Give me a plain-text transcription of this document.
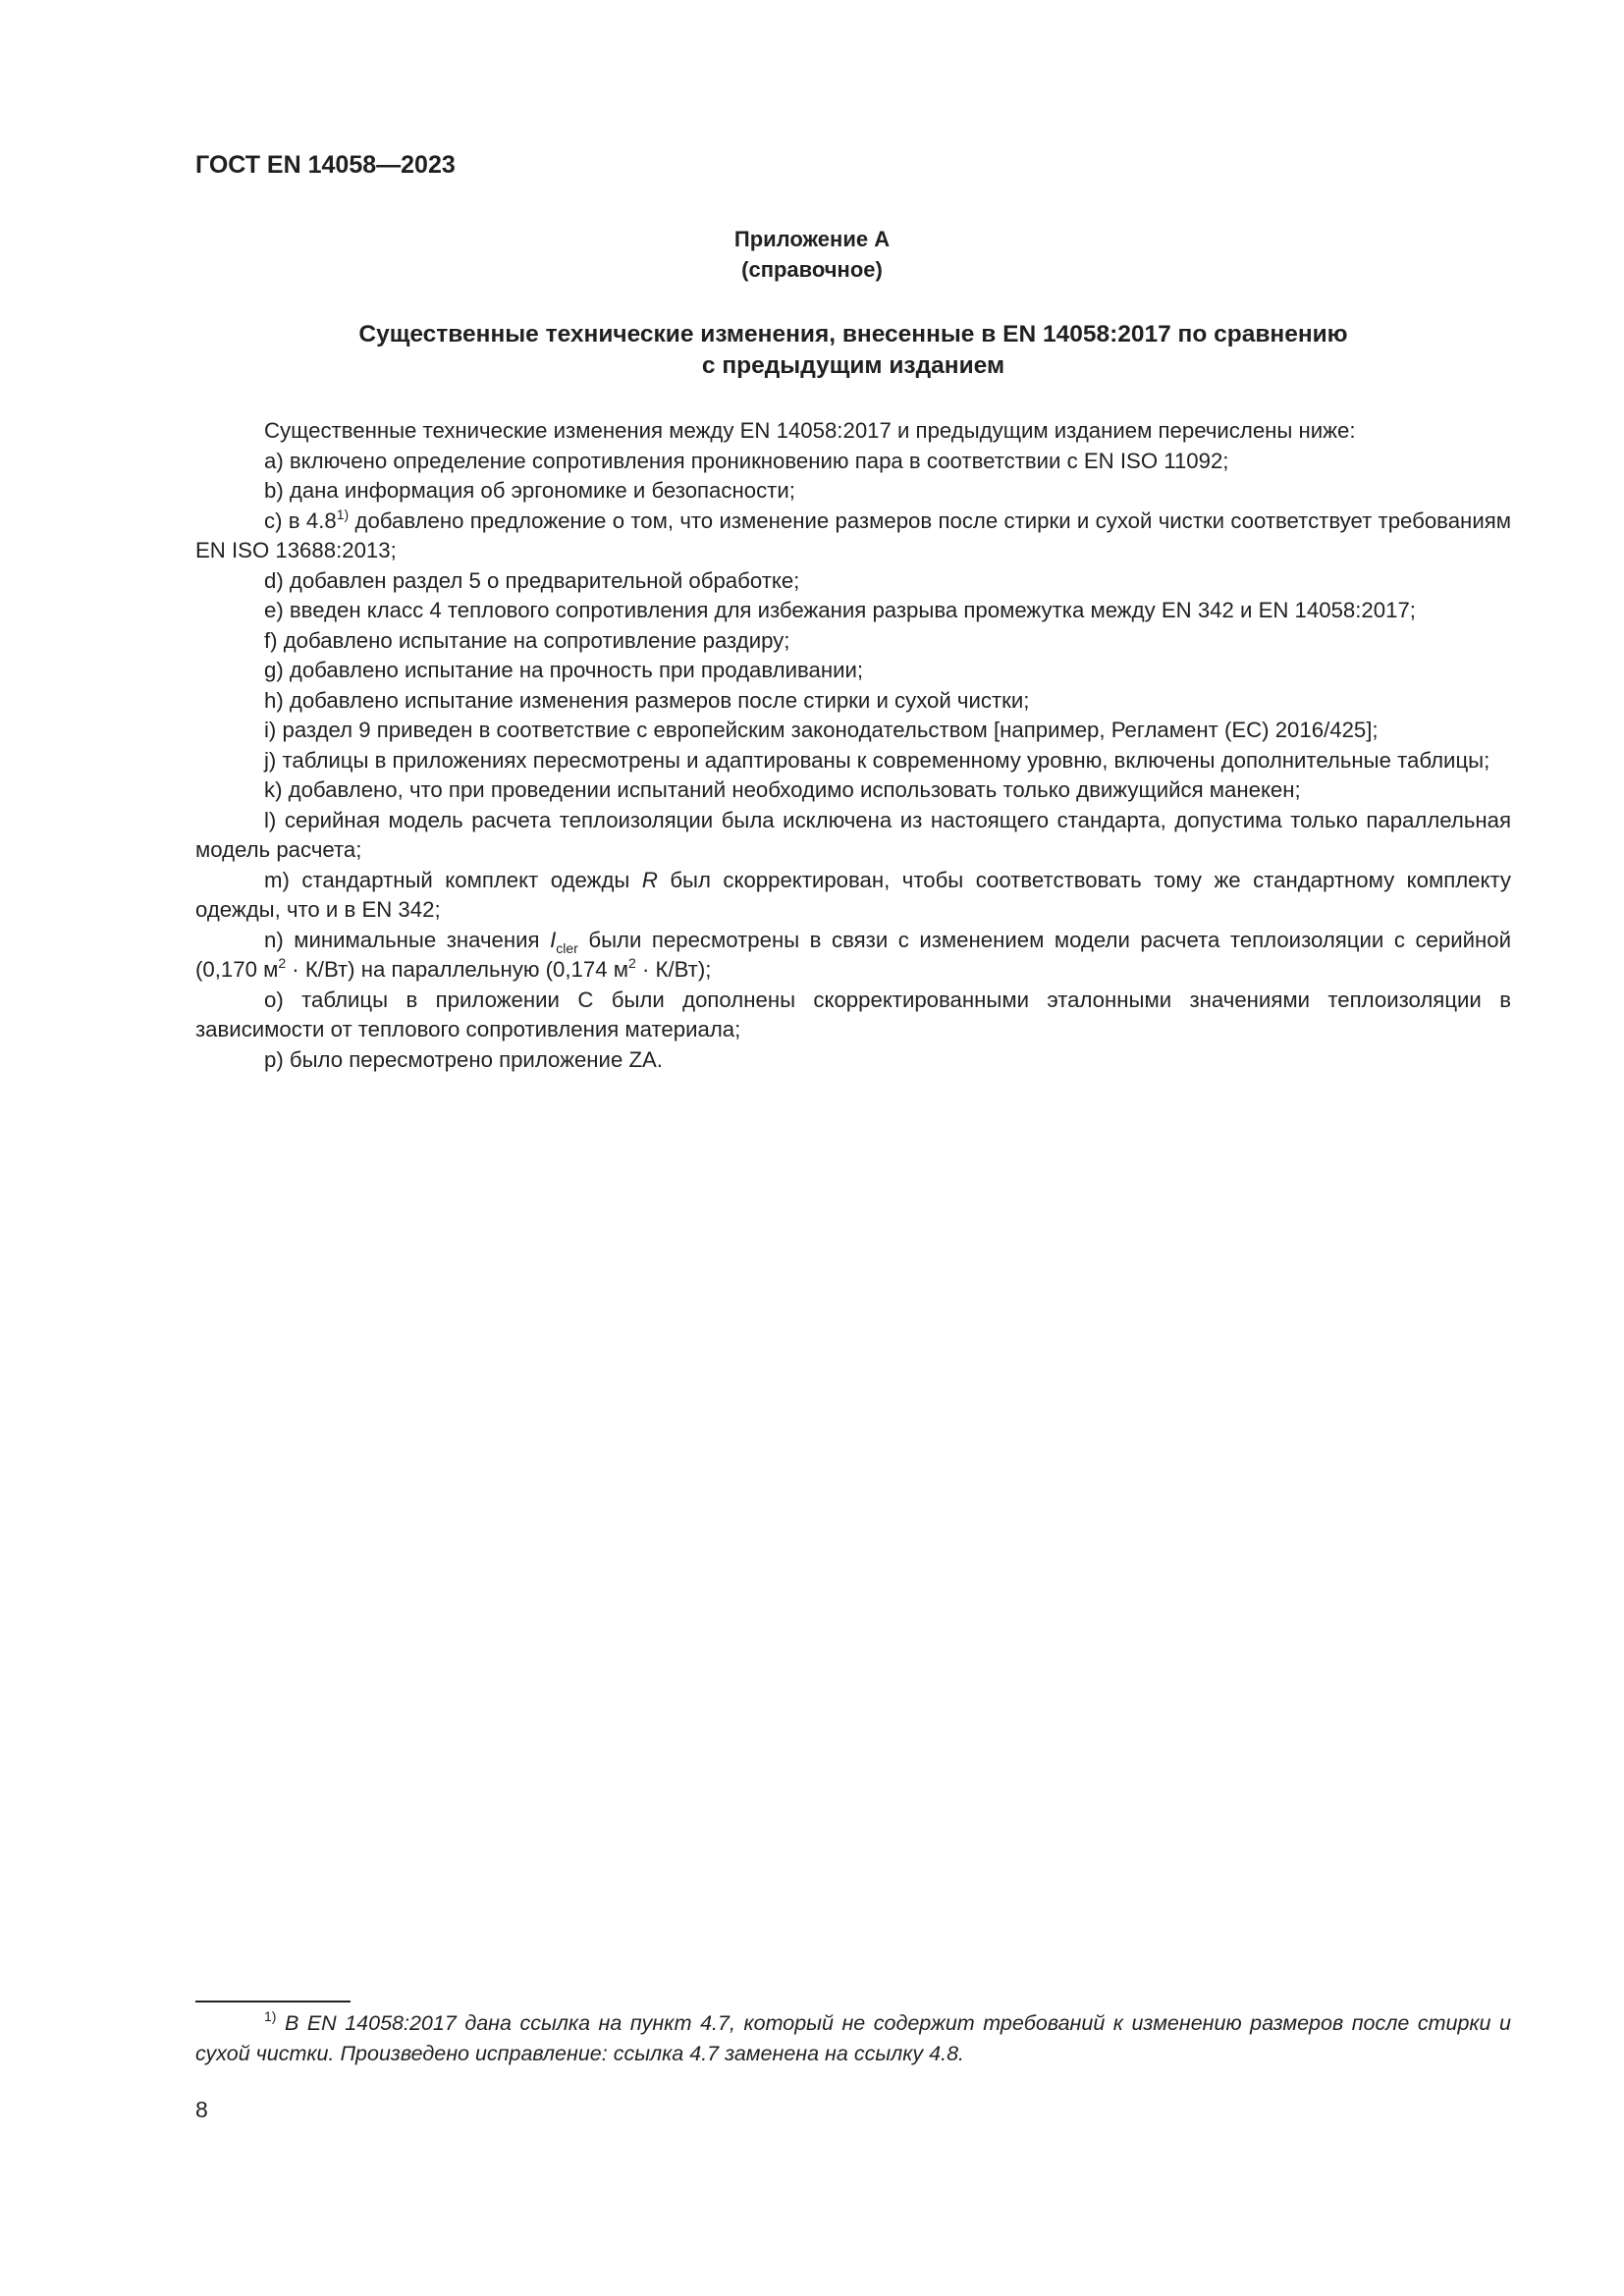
ГОСТ EN 14058—2023
Приложение А
(справочное)
Существенные технические изменения, внесенные в EN 14058:2017 по сравнению
с предыдущим изданием

Существенные технические изменения между EN 14058:2017 и предыдущим изданием перечислены ниже:

а) включено определение сопротивления проникновению пара в соответствии с EN ISO 11092;

b) дана информация об эргономике и безопасности;

с) в 4.8$^{1)}$ добавлено предложение о том, что изменение размеров после стирки и сухой чистки соответствует требованиям EN ISO 13688:2013;

d) добавлен раздел 5 о предварительной обработке;

е) введен класс 4 теплового сопротивления для избежания разрыва промежутка между EN 342 и EN 14058:2017;

f) добавлено испытание на сопротивление раздиру;

g) добавлено испытание на прочность при продавливании;

h) добавлено испытание изменения размеров после стирки и сухой чистки;

i) раздел 9 приведен в соответствие с европейским законодательством [например, Регламент (ЕС) 2016/425];

j) таблицы в приложениях пересмотрены и адаптированы к современному уровню, включены дополнительные таблицы;

k) добавлено, что при проведении испытаний необходимо использовать только движущийся манекен;

l) серийная модель расчета теплоизоляции была исключена из настоящего стандарта, допустима только параллельная модель расчета;

m) стандартный комплект одежды R был скорректирован, чтобы соответствовать тому же стандартному комплекту одежды, что и в EN 342;

n) минимальные значения $I_{cler}$ были пересмотрены в связи с изменением модели расчета теплоизоляции с серийной (0,170 $м^2 \cdot К/Вт$) на параллельную (0,174 $м^2 \cdot К/Вт$);

о) таблицы в приложении С были дополнены скорректированными эталонными значениями теплоизоляции в зависимости от теплового сопротивления материала;

р) было пересмотрено приложение ZA.

$^{1)}$ В EN 14058:2017 дана ссылка на пункт 4.7, который не содержит требований к изменению размеров после стирки и сухой чистки. Произведено исправление: ссылка 4.7 заменена на ссылку 4.8.
8
